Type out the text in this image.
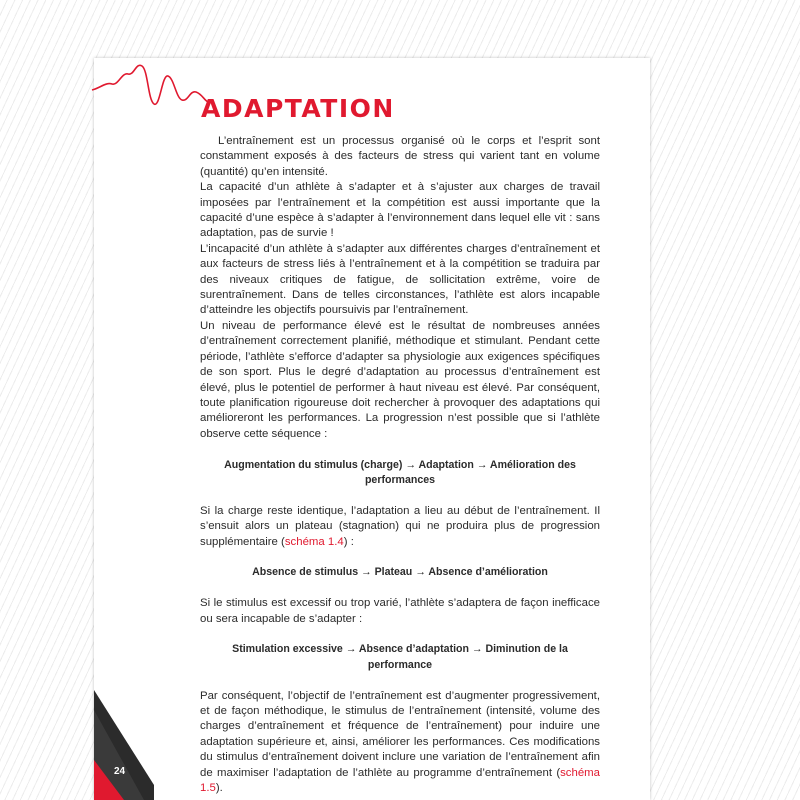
ADAPTATION

L’entraînement est un processus organisé où le corps et l’esprit sont constamment exposés à des facteurs de stress qui varient tant en volume (quantité) qu’en intensité.

La capacité d’un athlète à s’adapter et à s’ajuster aux charges de travail imposées par l’entraînement et la compétition est aussi importante que la capacité d’une espèce à s’adapter à l’environnement dans lequel elle vit : sans adaptation, pas de survie !

L’incapacité d’un athlète à s’adapter aux différentes charges d’entraînement et aux facteurs de stress liés à l’entraînement et à la compétition se traduira par des niveaux critiques de fatigue, de sollicitation extrême, voire de surentraînement. Dans de telles circonstances, l’athlète est alors incapable d’atteindre les objectifs poursuivis par l’entraînement.

Un niveau de performance élevé est le résultat de nombreuses années d’entraînement correctement planifié, méthodique et stimulant. Pendant cette période, l’athlète s’efforce d’adapter sa physiologie aux exigences spécifiques de son sport. Plus le degré d’adaptation au processus d’entraînement est élevé, plus le potentiel de performer à haut niveau est élevé. Par conséquent, toute planification rigoureuse doit rechercher à provoquer des adaptations qui amélioreront les performances. La progression n’est possible que si l’athlète observe cette séquence :

Augmentation du stimulus (charge) → Adaptation → Amélioration des performances

Si la charge reste identique, l’adaptation a lieu au début de l’entraînement. Il s’ensuit alors un plateau (stagnation) qui ne produira plus de progression supplémentaire (schéma 1.4) :

Absence de stimulus → Plateau → Absence d’amélioration

Si le stimulus est excessif ou trop varié, l’athlète s’adaptera de façon inefficace ou sera incapable de s’adapter :

Stimulation excessive → Absence d’adaptation → Diminution de la performance

Par conséquent, l’objectif de l’entraînement est d’augmenter progressivement, et de façon méthodique, le stimulus de l’entraînement (intensité, volume des charges d’entraînement et fréquence de l’entraînement) pour induire une adaptation supérieure et, ainsi, améliorer les performances. Ces modifications du stimulus d’entraînement doivent inclure une variation de l’entraînement afin de maximiser l’adaptation de l’athlète au programme d’entraînement (schéma 1.5).

24
